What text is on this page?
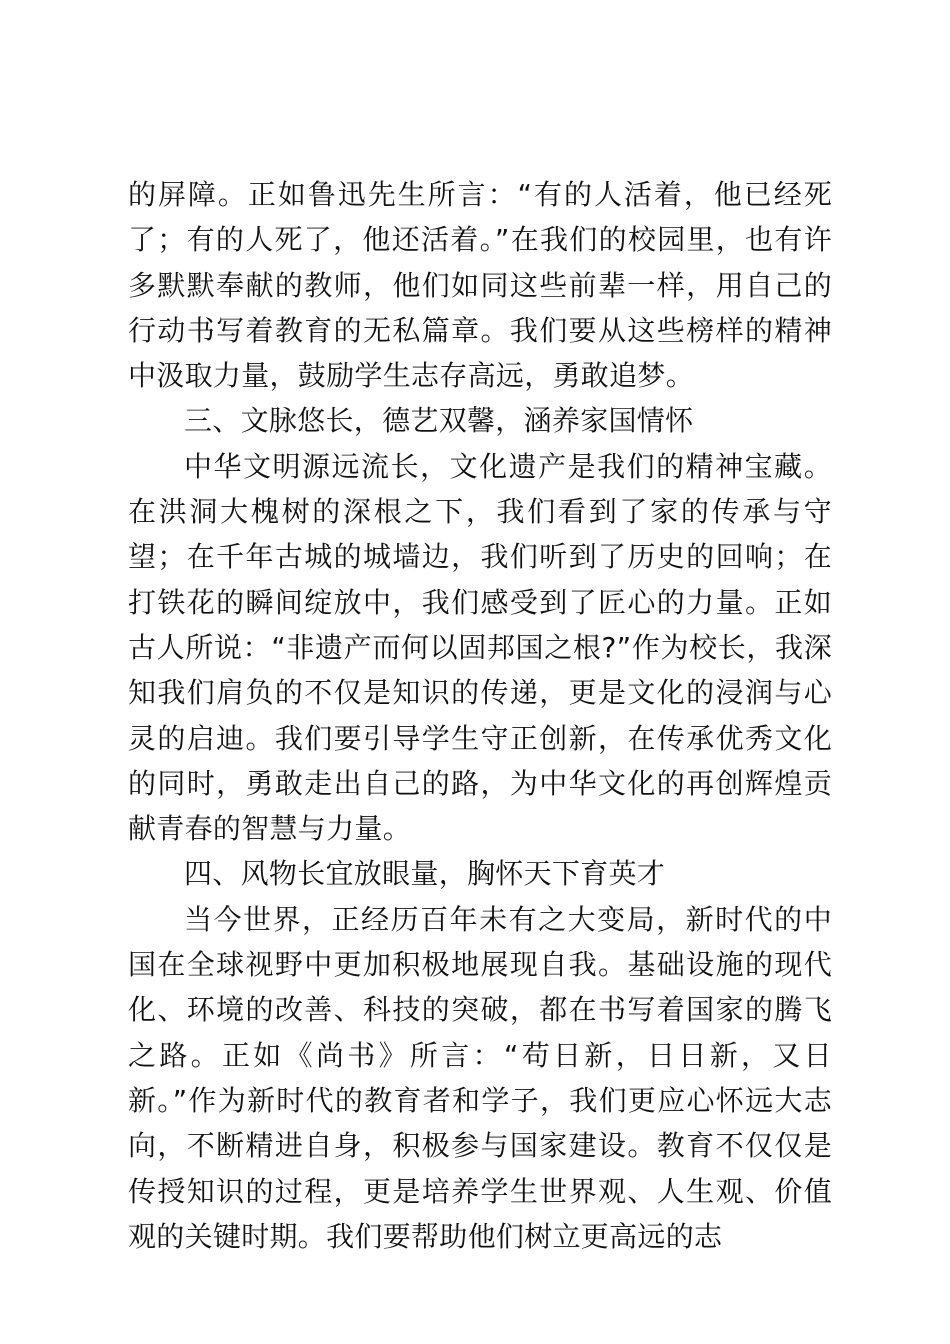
的屏障。正如鲁迅先生所言：“有的人活着，他已经死了；有的人死了，他还活着。”在我们的校园里，也有许多默默奉献的教师，他们如同这些前辈一样，用自己的行动书写着教育的无私篇章。我们要从这些榜样的精神中汲取力量，鼓励学生志存高远，勇敢追梦。

三、文脉悠长，德艺双馨，涵养家国情怀

中华文明源远流长，文化遗产是我们的精神宝藏。在洪洞大槐树的深根之下，我们看到了家的传承与守望；在千年古城的城墙边，我们听到了历史的回响；在打铁花的瞬间绽放中，我们感受到了匠心的力量。正如古人所说：“非遗产而何以固邦国之根?”作为校长，我深知我们肩负的不仅是知识的传递，更是文化的浸润与心灵的启迪。我们要引导学生守正创新，在传承优秀文化的同时，勇敢走出自己的路，为中华文化的再创辉煌贡献青春的智慧与力量。

四、风物长宜放眼量，胸怀天下育英才

当今世界，正经历百年未有之大变局，新时代的中国在全球视野中更加积极地展现自我。基础设施的现代化、环境的改善、科技的突破，都在书写着国家的腾飞之路。正如《尚书》所言：“苟日新，日日新，又日新。”作为新时代的教育者和学子，我们更应心怀远大志向，不断精进自身，积极参与国家建设。教育不仅仅是传授知识的过程，更是培养学生世界观、人生观、价值观的关键时期。我们要帮助他们树立更高远的志
